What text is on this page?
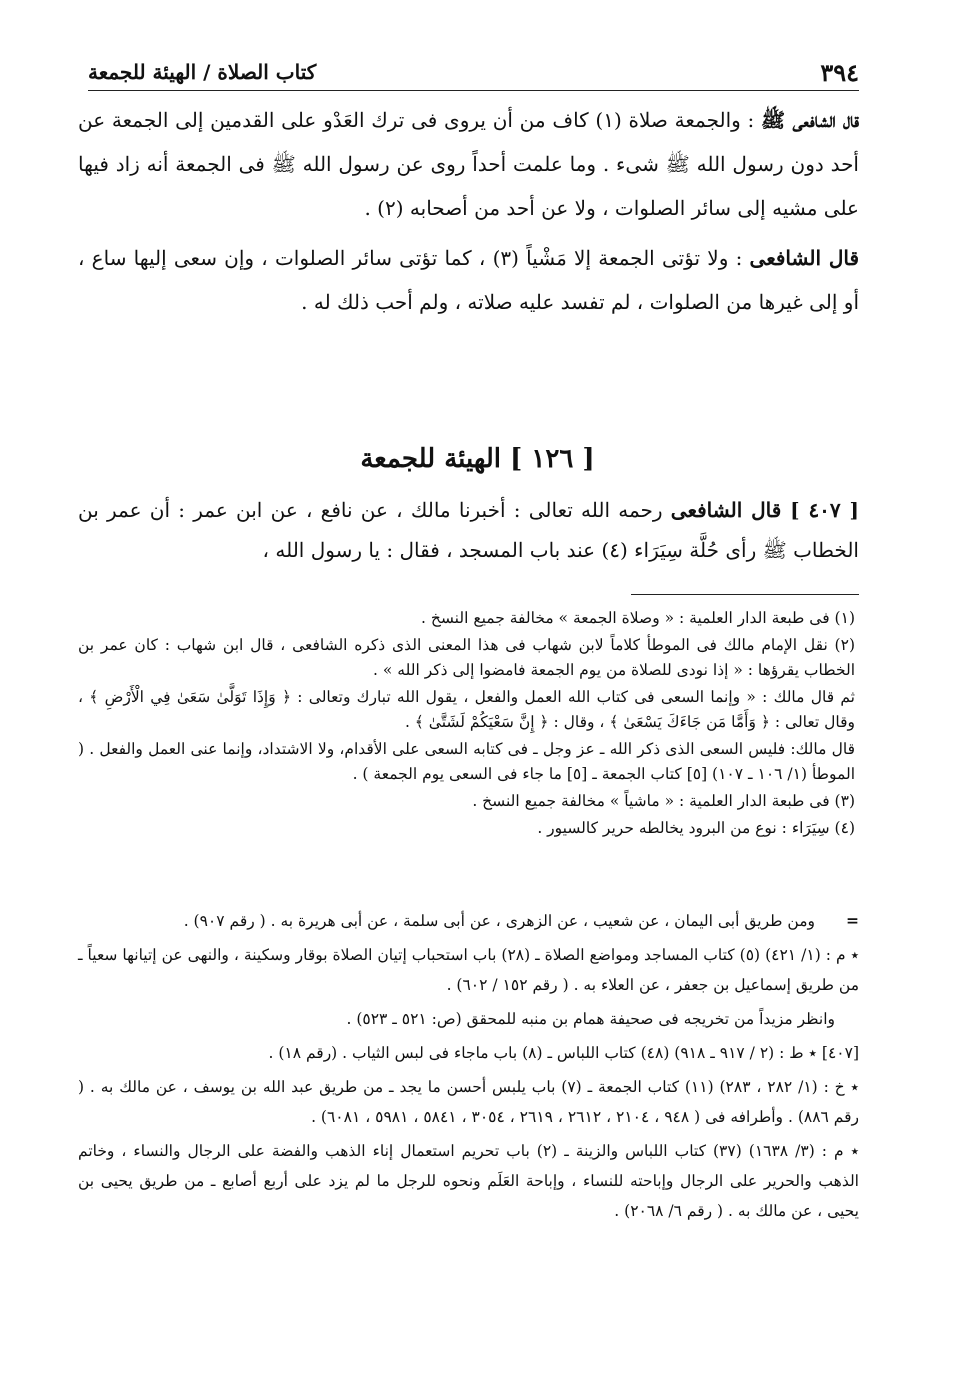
٣٩٤
كتاب الصلاة / الهيئة للجمعة

قال الشافعى ﷺ : والجمعة صلاة (١) كاف من أن يروى فى ترك العَدْو على القدمين إلى الجمعة عن أحد دون رسول الله ﷺ شىء . وما علمت أحداً روى عن رسول الله ﷺ فى الجمعة أنه زاد فيها على مشيه إلى سائر الصلوات ، ولا عن أحد من أصحابه (٢) .

قال الشافعى : ولا تؤتى الجمعة إلا مَشْياً (٣) ، كما تؤتى سائر الصلوات ، وإن سعى إليها ساع ، أو إلى غيرها من الصلوات ، لم تفسد عليه صلاته ، ولم أحب ذلك له .

[ ١٢٦ ] الهيئة للجمعة

[ ٤٠٧ ] قال الشافعى رحمه الله تعالى : أخبرنا مالك ، عن نافع ، عن ابن عمر : أن عمر بن الخطاب ﷺ رأى حُلَّة سِيَرَاء (٤) عند باب المسجد ، فقال : يا رسول الله ،

(١) فى طبعة الدار العلمية : « وصلاة الجمعة » مخالفة جميع النسخ .

(٢) نقل الإمام مالك فى الموطأ كلاماً لابن شهاب فى هذا المعنى الذى ذكره الشافعى ، قال ابن شهاب : كان عمر بن الخطاب يقرؤها : « إذا نودى للصلاة من يوم الجمعة فامضوا إلى ذكر الله » .

ثم قال مالك : « وإنما السعى فى كتاب الله العمل والفعل ، يقول الله تبارك وتعالى : ﴿ وَإِذَا تَوَلَّىٰ سَعَىٰ فِي الْأَرْضِ ﴾ ، وقال تعالى : ﴿ وَأَمَّا مَن جَاءَكَ يَسْعَىٰ ﴾ ، وقال : ﴿ إِنَّ سَعْيَكُمْ لَشَتَّىٰ ﴾ .

قال مالك: فليس السعى الذى ذكر الله ـ عز وجل ـ فى كتابه السعى على الأقدام، ولا الاشتداد، وإنما عنى العمل والفعل . ( الموطأ (١/ ١٠٦ ـ ١٠٧) [٥] كتاب الجمعة ـ [٥] ما جاء فى السعى يوم الجمعة ) .

(٣) فى طبعة الدار العلمية : « ماشياً » مخالفة جميع النسخ .

(٤) سِيَرَاء : نوع من البرود يخالطه حرير كالسيور .

=

ومن طريق أبى اليمان ، عن شعيب ، عن الزهرى ، عن أبى سلمة ، عن أبى هريرة به . ( رقم ٩٠٧) .

٭ م : (١/ ٤٢١) (٥) كتاب المساجد ومواضع الصلاة ـ (٢٨) باب استحباب إتيان الصلاة بوقار وسكينة ، والنهى عن إتيانها سعياً ـ من طريق إسماعيل بن جعفر ، عن العلاء به . ( رقم ١٥٢ / ٦٠٢) .

وانظر مزيداً من تخريجه فى صحيفة همام بن منبه للمحقق (ص: ٥٢١ ـ ٥٢٣) .

[٤٠٧] ٭ ط : (٢ / ٩١٧ ـ ٩١٨) (٤٨) كتاب اللباس ـ (٨) باب ماجاء فى لبس الثياب . (رقم ١٨) .

٭ خ : (١/ ٢٨٢ ، ٢٨٣) (١١) كتاب الجمعة ـ (٧) باب يلبس أحسن ما يجد ـ من طريق عبد الله بن يوسف ، عن مالك به . ( رقم ٨٨٦) . وأطرافه فى ( ٩٤٨ ، ٢١٠٤ ، ٢٦١٢ ، ٢٦١٩ ، ٣٠٥٤ ، ٥٨٤١ ، ٥٩٨١ ، ٦٠٨١) .

٭ م : (٣/ ١٦٣٨) (٣٧) كتاب اللباس والزينة ـ (٢) باب تحريم استعمال إناء الذهب والفضة على الرجال والنساء ، وخاتم الذهب والحرير على الرجال وإباحته للنساء ، وإباحة العَلَم ونحوه للرجل ما لم يزد على أربع أصابع ـ من طريق يحيى بن يحيى ، عن مالك به . ( رقم ٦/ ٢٠٦٨) .
